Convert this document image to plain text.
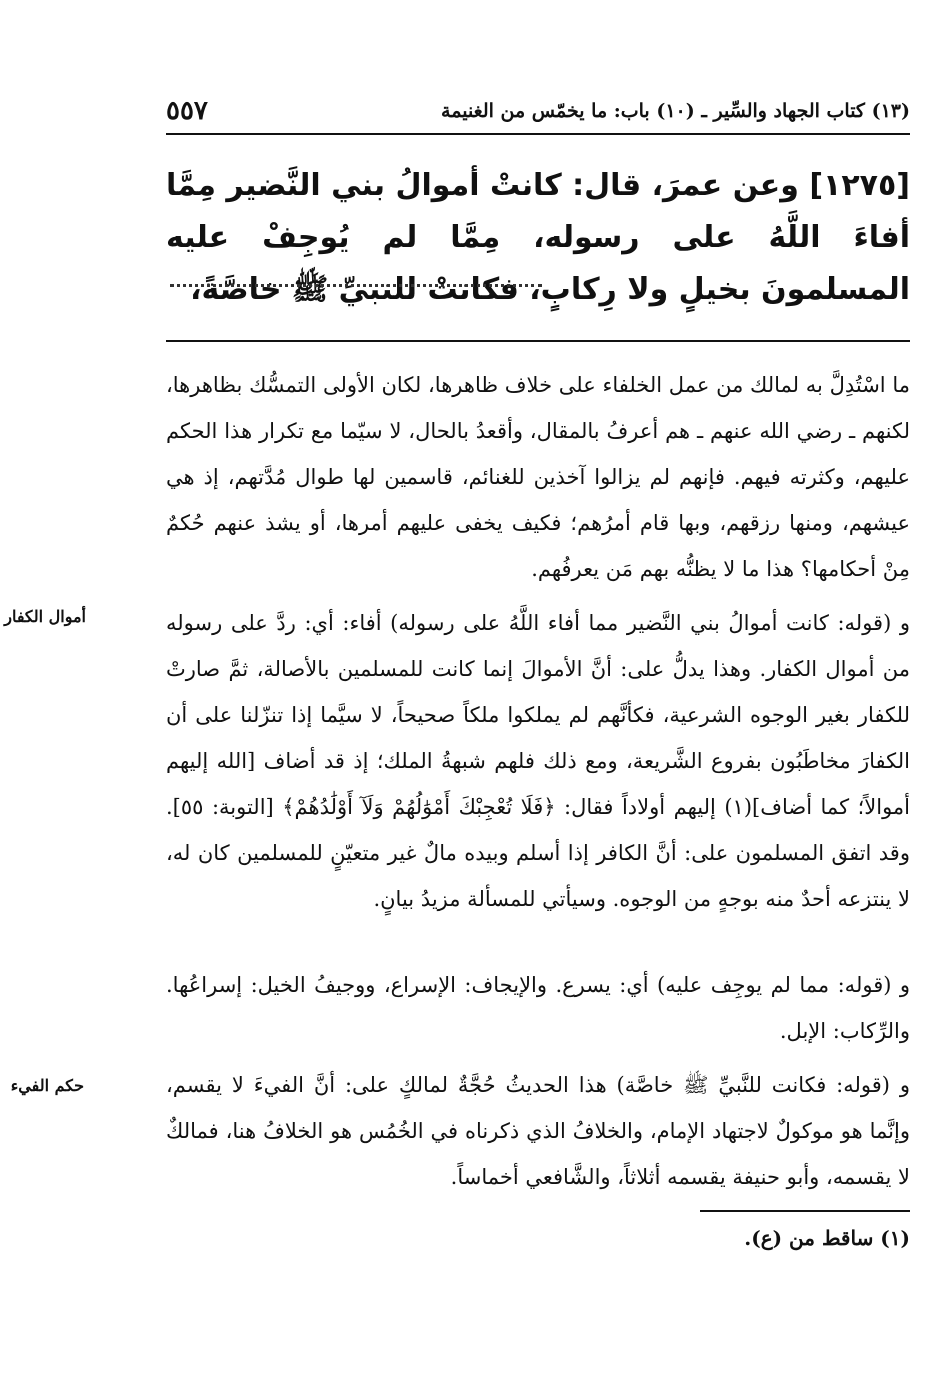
(١٣) كتاب الجهاد والسِّير ـ (١٠) باب: ما يخمّس من الغنيمة
٥٥٧

[١٢٧٥] وعن عمرَ، قال: كانتْ أموالُ بني النَّضير مِمَّا أفاءَ اللَّهُ على رسوله، مِمَّا لم يُوجِفْ عليه المسلمونَ بخيلٍ ولا رِكابٍ، فكانتْ للنبيِّ ﷺ خاصَّةً،

ما اسْتُدِلَّ به لمالك من عمل الخلفاء على خلاف ظاهرها، لكان الأولى التمسُّك بظاهرها، لكنهم ـ رضي الله عنهم ـ هم أعرفُ بالمقال، وأقعدُ بالحال، لا سيّما مع تكرار هذا الحكم عليهم، وكثرته فيهم. فإنهم لم يزالوا آخذين للغنائم، قاسمين لها طوال مُدَّتهم، إذ هي عيشهم، ومنها رزقهم، وبها قام أمرُهم؛ فكيف يخفى عليهم أمرها، أو يشذ عنهم حُكمٌ مِنْ أحكامها؟ هذا ما لا يظنُّه بهم مَن يعرفُهم.

و (قوله: كانت أموالُ بني النَّضير مما أفاء اللَّهُ على رسوله) أفاء: أي: ردَّ على رسوله من أموال الكفار. وهذا يدلُّ على: أنَّ الأموالَ إنما كانت للمسلمين بالأصالة، ثمَّ صارتْ للكفار بغير الوجوه الشرعية، فكأنَّهم لم يملكوا ملكاً صحيحاً، لا سيَّما إذا تنزّلنا على أن الكفارَ مخاطَبُون بفروع الشَّريعة، ومع ذلك فلهم شبهةُ الملك؛ إذ قد أضاف [الله إليهم أموالاً؛ كما أضاف](١) إليهم أولاداً فقال: ﴿فَلَا تُعْجِبْكَ أَمْوَٰلُهُمْ وَلَآ أَوْلَٰدُهُمْ﴾ [التوبة: ٥٥]. وقد اتفق المسلمون على: أنَّ الكافر إذا أسلم وبيده مالٌ غير متعيّنٍ للمسلمين كان له، لا ينتزعه أحدٌ منه بوجهٍ من الوجوه. وسيأتي للمسألة مزيدُ بيانٍ.

و (قوله: مما لم يوجِف عليه) أي: يسرع. والإيجاف: الإسراع، ووجيفُ الخيل: إسراعُها. والرِّكاب: الإبل.

و (قوله: فكانت للنَّبيِّ ﷺ خاصَّة) هذا الحديثُ حُجَّةٌ لمالكٍ على: أنَّ الفيءَ لا يقسم، وإنَّما هو موكولٌ لاجتهاد الإمام، والخلافُ الذي ذكرناه في الخُمُس هو الخلافُ هنا، فمالكٌ لا يقسمه، وأبو حنيفة يقسمه أثلاثاً، والشَّافعي أخماساً.

أموال الكفار
حكم الفيء
(١) ساقط من (ع).
